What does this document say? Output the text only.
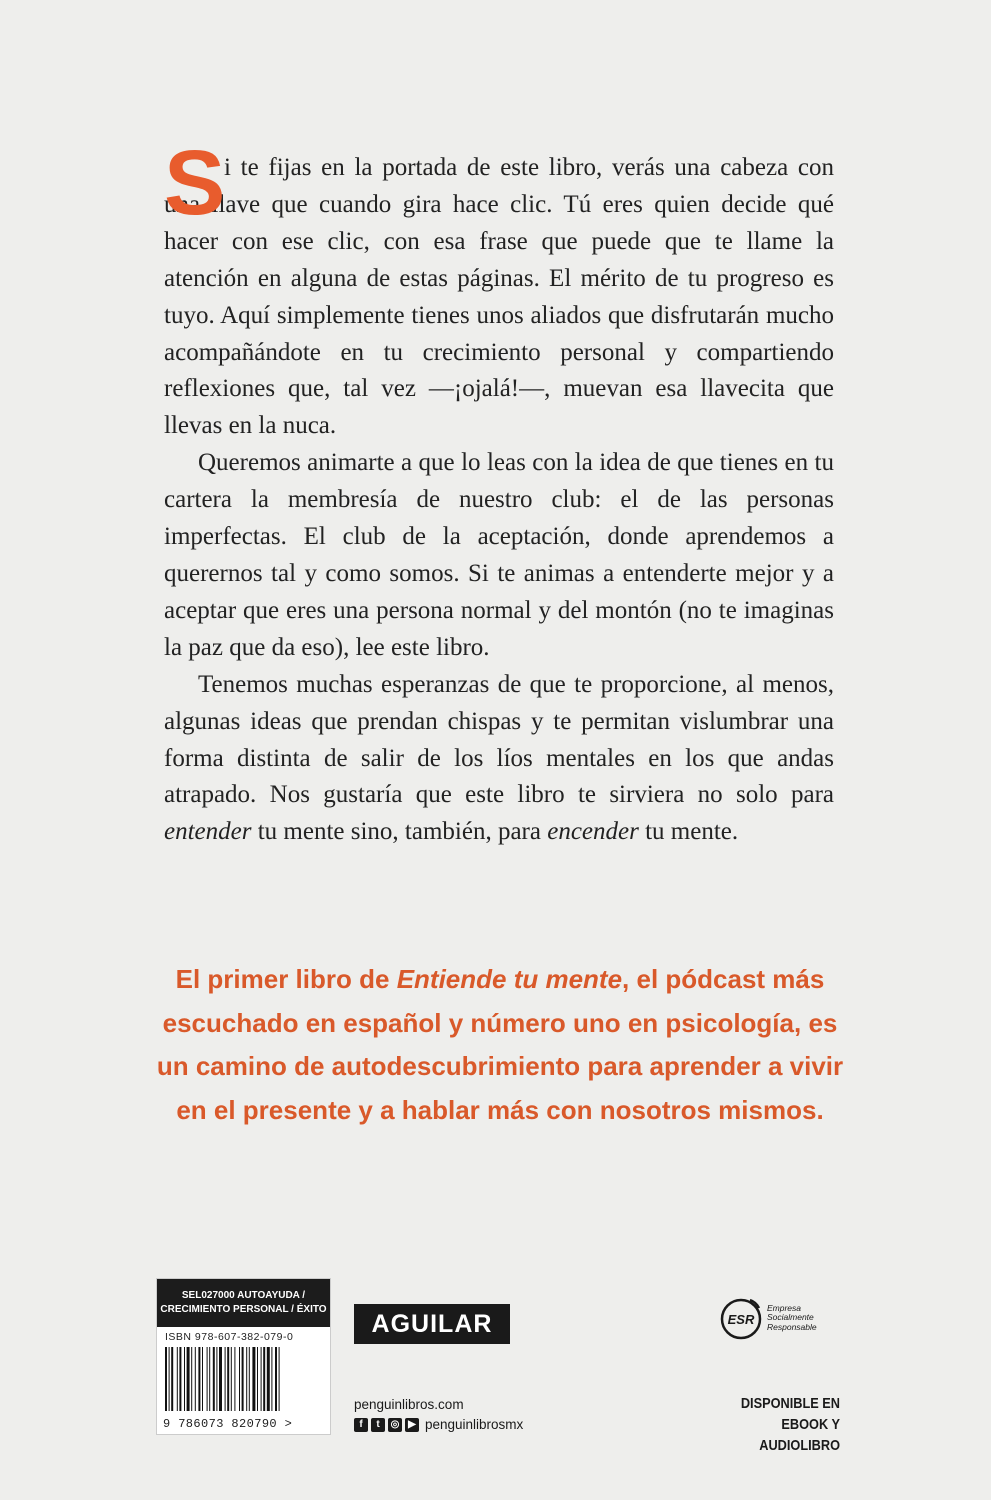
S
i te fijas en la portada de este libro, verás una cabeza con una llave que cuando gira hace clic. Tú eres quien decide qué hacer con ese clic, con esa frase que puede que te llame la atención en alguna de estas páginas. El mérito de tu progreso es tuyo. Aquí simplemente tienes unos aliados que disfrutarán mucho acompañándote en tu crecimiento personal y compartiendo reflexiones que, tal vez —¡ojalá!—, muevan esa llavecita que llevas en la nuca.

Queremos animarte a que lo leas con la idea de que tienes en tu cartera la membresía de nuestro club: el de las personas imperfectas. El club de la aceptación, donde aprendemos a querernos tal y como somos. Si te animas a entenderte mejor y a aceptar que eres una persona normal y del montón (no te imaginas la paz que da eso), lee este libro.

Tenemos muchas esperanzas de que te proporcione, al menos, algunas ideas que prendan chispas y te permitan vislumbrar una forma distinta de salir de los líos mentales en los que andas atrapado. Nos gustaría que este libro te sirviera no solo para entender tu mente sino, también, para encender tu mente.

El primer libro de Entiende tu mente, el pódcast más escuchado en español y número uno en psicología, es un camino de autodescubrimiento para aprender a vivir en el presente y a hablar más con nosotros mismos.
SEL027000 AUTOAYUDA /
CRECIMIENTO PERSONAL / ÉXITO
ISBN 978-607-382-079-0
9 786073 820790 >
AGUILAR
penguinlibros.com
f	t	◎ ▶ penguinlibrosmx
ESR
Empresa
Socialmente
Responsable
DISPONIBLE EN
EBOOK Y AUDIOLIBRO
